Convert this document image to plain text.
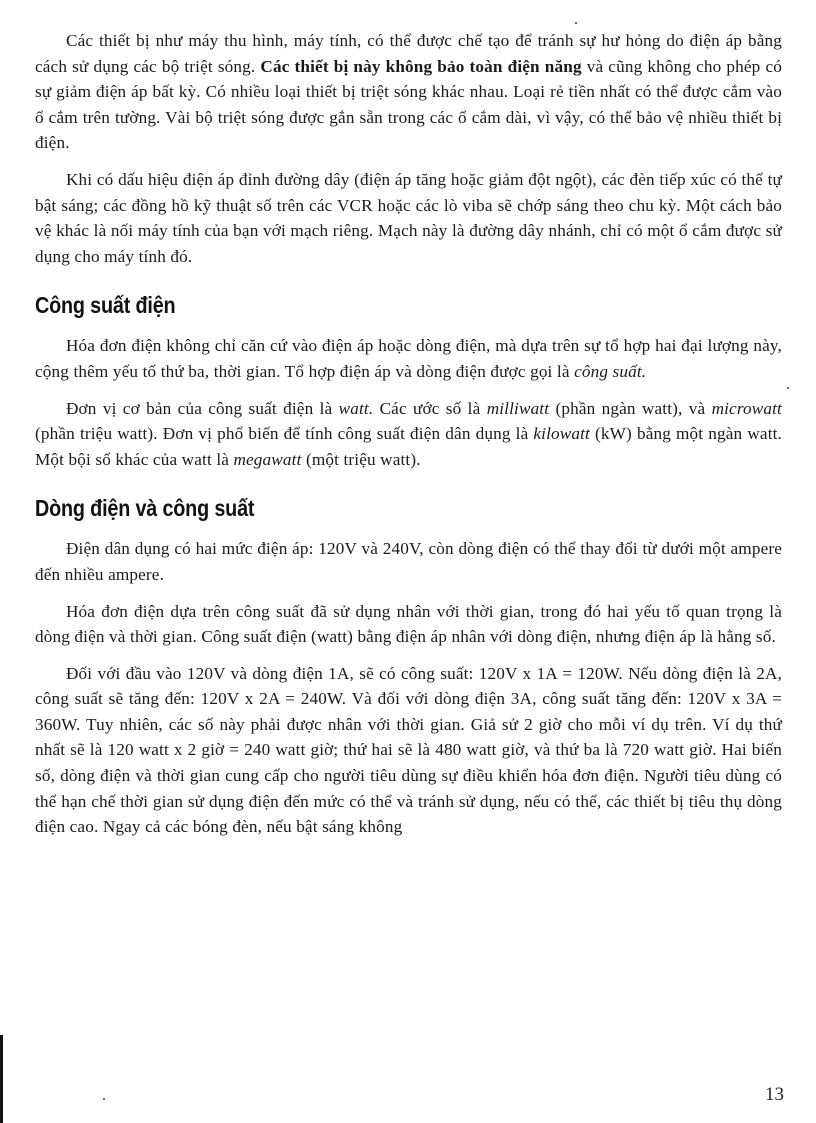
Các thiết bị như máy thu hình, máy tính, có thể được chế tạo để tránh sự hư hỏng do điện áp bằng cách sử dụng các bộ triệt sóng. Các thiết bị này không bảo toàn điện năng và cũng không cho phép có sự giảm điện áp bất kỳ. Có nhiều loại thiết bị triệt sóng khác nhau. Loại rẻ tiền nhất có thể được cắm vào ổ cắm trên tường. Vài bộ triệt sóng được gắn sẵn trong các ổ cắm dài, vì vậy, có thể bảo vệ nhiều thiết bị điện.

Khi có dấu hiệu điện áp đỉnh đường dây (điện áp tăng hoặc giảm đột ngột), các đèn tiếp xúc có thể tự bật sáng; các đồng hồ kỹ thuật số trên các VCR hoặc các lò viba sẽ chớp sáng theo chu kỳ. Một cách bảo vệ khác là nối máy tính của bạn với mạch riêng. Mạch này là đường dây nhánh, chỉ có một ổ cắm được sử dụng cho máy tính đó.

Công suất điện

Hóa đơn điện không chỉ căn cứ vào điện áp hoặc dòng điện, mà dựa trên sự tổ hợp hai đại lượng này, cộng thêm yếu tố thứ ba, thời gian. Tổ hợp điện áp và dòng điện được gọi là công suất.

Đơn vị cơ bản của công suất điện là watt. Các ước số là milliwatt (phần ngàn watt), và microwatt (phần triệu watt). Đơn vị phổ biến để tính công suất điện dân dụng là kilowatt (kW) bằng một ngàn watt. Một bội số khác của watt là megawatt (một triệu watt).

Dòng điện và công suất

Điện dân dụng có hai mức điện áp: 120V và 240V, còn dòng điện có thể thay đổi từ dưới một ampere đến nhiều ampere.

Hóa đơn điện dựa trên công suất đã sử dụng nhân với thời gian, trong đó hai yếu tố quan trọng là dòng điện và thời gian. Công suất điện (watt) bằng điện áp nhân với dòng điện, nhưng điện áp là hằng số.

Đối với đầu vào 120V và dòng điện 1A, sẽ có công suất: 120V x 1A = 120W. Nếu dòng điện là 2A, công suất sẽ tăng đến: 120V x 2A = 240W. Và đối với dòng điện 3A, công suất tăng đến: 120V x 3A = 360W. Tuy nhiên, các số này phải được nhân với thời gian. Giả sử 2 giờ cho mỗi ví dụ trên. Ví dụ thứ nhất sẽ là 120 watt x 2 giờ = 240 watt giờ; thứ hai sẽ là 480 watt giờ, và thứ ba là 720 watt giờ. Hai biến số, dòng điện và thời gian cung cấp cho người tiêu dùng sự điều khiển hóa đơn điện. Người tiêu dùng có thể hạn chế thời gian sử dụng điện đến mức có thể và tránh sử dụng, nếu có thể, các thiết bị tiêu thụ dòng điện cao. Ngay cả các bóng đèn, nếu bật sáng không

13
